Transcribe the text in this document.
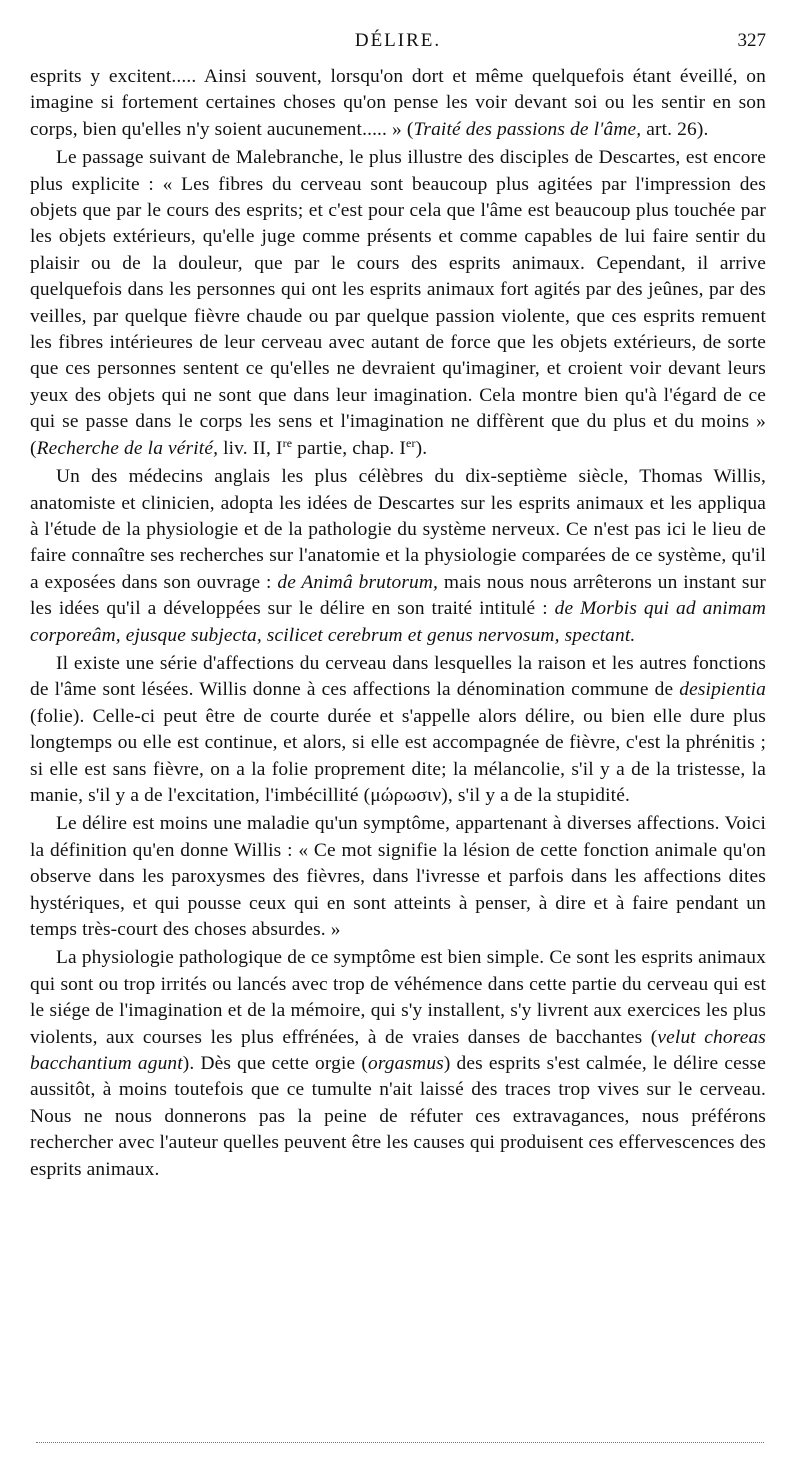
DÉLIRE.	327

esprits y excitent..... Ainsi souvent, lorsqu'on dort et même quelquefois étant éveillé, on imagine si fortement certaines choses qu'on pense les voir devant soi ou les sentir en son corps, bien qu'elles n'y soient aucunement..... » (Traité des passions de l'âme, art. 26).

Le passage suivant de Malebranche, le plus illustre des disciples de Descartes, est encore plus explicite : « Les fibres du cerveau sont beaucoup plus agitées par l'impression des objets que par le cours des esprits; et c'est pour cela que l'âme est beaucoup plus touchée par les objets extérieurs, qu'elle juge comme présents et comme capables de lui faire sentir du plaisir ou de la douleur, que par le cours des esprits animaux. Cependant, il arrive quelquefois dans les personnes qui ont les esprits animaux fort agités par des jeûnes, par des veilles, par quelque fièvre chaude ou par quelque passion violente, que ces esprits remuent les fibres intérieures de leur cerveau avec autant de force que les objets extérieurs, de sorte que ces personnes sentent ce qu'elles ne devraient qu'imaginer, et croient voir devant leurs yeux des objets qui ne sont que dans leur imagination. Cela montre bien qu'à l'égard de ce qui se passe dans le corps les sens et l'imagination ne diffèrent que du plus et du moins » (Recherche de la vérité, liv. II, Ire partie, chap. Ier).

Un des médecins anglais les plus célèbres du dix-septième siècle, Thomas Willis, anatomiste et clinicien, adopta les idées de Descartes sur les esprits animaux et les appliqua à l'étude de la physiologie et de la pathologie du système nerveux. Ce n'est pas ici le lieu de faire connaître ses recherches sur l'anatomie et la physiologie comparées de ce système, qu'il a exposées dans son ouvrage : de Animâ brutorum, mais nous nous arrêterons un instant sur les idées qu'il a développées sur le délire en son traité intitulé : de Morbis qui ad animam corporeâm, ejusque subjecta, scilicet cerebrum et genus nervosum, spectant.

Il existe une série d'affections du cerveau dans lesquelles la raison et les autres fonctions de l'âme sont lésées. Willis donne à ces affections la dénomination commune de desipientia (folie). Celle-ci peut être de courte durée et s'appelle alors délire, ou bien elle dure plus longtemps ou elle est continue, et alors, si elle est accompagnée de fièvre, c'est la phrénitis ; si elle est sans fièvre, on a la folie proprement dite; la mélancolie, s'il y a de la tristesse, la manie, s'il y a de l'excitation, l'imbécillité (μώρωσιν), s'il y a de la stupidité.

Le délire est moins une maladie qu'un symptôme, appartenant à diverses affections. Voici la définition qu'en donne Willis : « Ce mot signifie la lésion de cette fonction animale qu'on observe dans les paroxysmes des fièvres, dans l'ivresse et parfois dans les affections dites hystériques, et qui pousse ceux qui en sont atteints à penser, à dire et à faire pendant un temps très-court des choses absurdes. »

La physiologie pathologique de ce symptôme est bien simple. Ce sont les esprits animaux qui sont ou trop irrités ou lancés avec trop de véhémence dans cette partie du cerveau qui est le siége de l'imagination et de la mémoire, qui s'y installent, s'y livrent aux exercices les plus violents, aux courses les plus effrénées, à de vraies danses de bacchantes (velut choreas bacchantium agunt). Dès que cette orgie (orgasmus) des esprits s'est calmée, le délire cesse aussitôt, à moins toutefois que ce tumulte n'ait laissé des traces trop vives sur le cerveau. Nous ne nous donnerons pas la peine de réfuter ces extravagances, nous préférons rechercher avec l'auteur quelles peuvent être les causes qui produisent ces effervescences des esprits animaux.
